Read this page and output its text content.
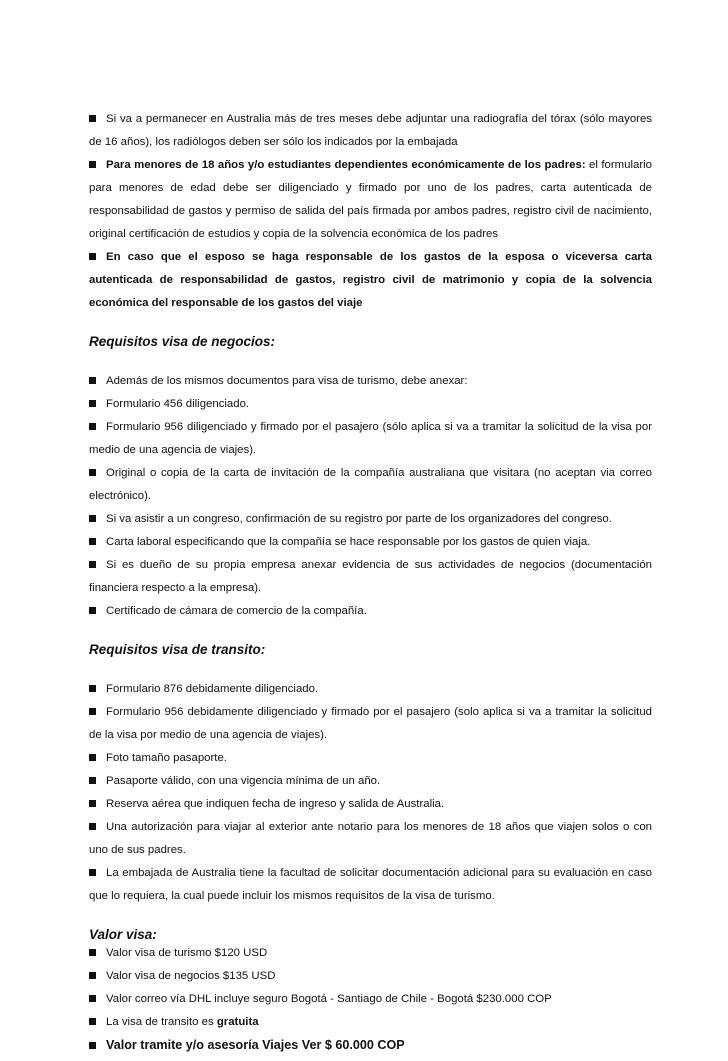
Si va a permanecer en Australia más de tres meses debe adjuntar una radiografía del tórax (sólo mayores de 16 años), los radiólogos deben ser sólo los indicados por la embajada

Para menores de 18 años y/o estudiantes dependientes económicamente de los padres: el formulario para menores de edad debe ser diligenciado y firmado por uno de los padres, carta autenticada de responsabilidad de gastos y permiso de salida del país firmada por ambos padres, registro civil de nacimiento, original certificación de estudios y copia de la solvencia económica de los padres

En caso que el esposo se haga responsable de los gastos de la esposa o viceversa carta autenticada de responsabilidad de gastos, registro civil de matrimonio y copia de la solvencia económica del responsable de los gastos del viaje

Requisitos visa de negocios:

Además de los mismos documentos para visa de turismo, debe anexar:

Formulario 456 diligenciado.

Formulario 956 diligenciado y firmado por el pasajero (sólo aplica si va a tramitar la solicitud de la visa por medio de una agencia de viajes).

Original o copia de la carta de invitación de la compañía australiana que visitara (no aceptan via correo electrónico).

Si va asistir a un congreso, confirmación de su registro por parte de los organizadores del congreso.

Carta laboral especificando que la compañía se hace responsable por los gastos de quien viaja.

Si es dueño de su propia empresa anexar evidencia de sus actividades de negocios (documentación financiera respecto a la empresa).

Certificado de cámara de comercio de la compañía.

Requisitos visa de transito:

Formulario 876 debidamente diligenciado.

Formulario 956 debidamente diligenciado y firmado por el pasajero (solo aplica si va a tramitar la solicitud de la visa por medio de una agencia de viajes).

Foto tamaño pasaporte.

Pasaporte válido, con una vigencia mínima de un año.

Reserva aérea que indiquen fecha de ingreso y salida de Australia.

Una autorización para viajar al exterior ante notario para los menores de 18 años que viajen solos o con uno de sus padres.

La embajada de Australia tiene la facultad de solicitar documentación adicional para su evaluación en caso que lo requiera, la cual puede incluir los mismos requisitos de la visa de turismo.

Valor visa:

Valor visa de turismo $120 USD

Valor visa de negocios $135 USD

Valor correo vía DHL incluye seguro Bogotá - Santiago de Chile - Bogotá $230.000 COP

La visa de transito es gratuita

Valor tramite y/o asesoría Viajes Ver $ 60.000 COP
